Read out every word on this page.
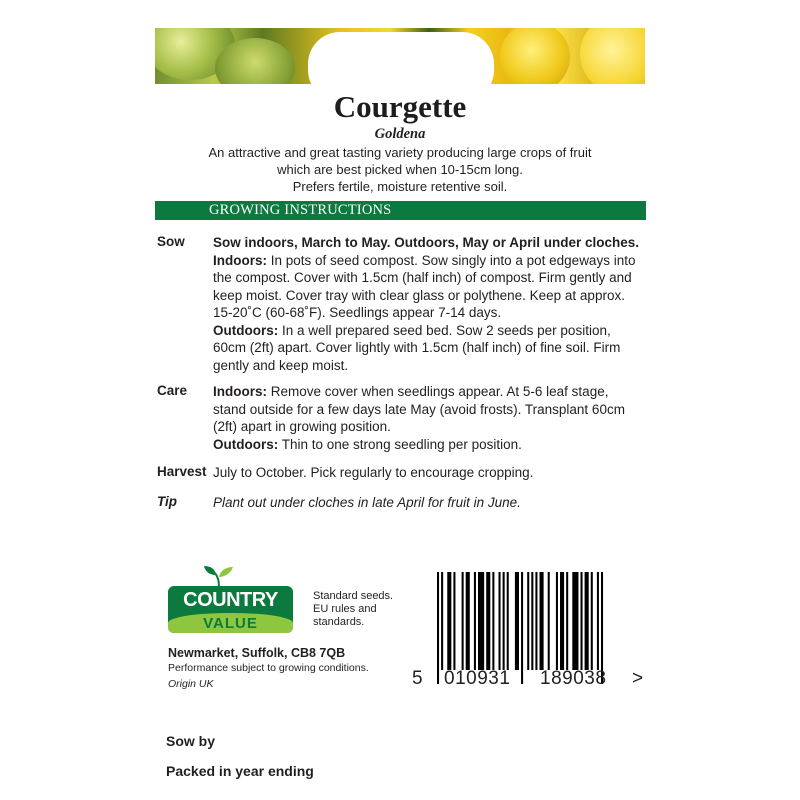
Courgette
Goldena
An attractive and great tasting variety producing large crops of fruit
which are best picked when 10-15cm long.
Prefers fertile, moisture retentive soil.
GROWING INSTRUCTIONS
Sow Sow indoors, March to May. Outdoors, May or April under cloches.

Indoors: In pots of seed compost. Sow singly into a pot edgeways into the compost. Cover with 1.5cm (half inch) of compost. Firm gently and keep moist. Cover tray with clear glass or polythene. Keep at approx. 15-20˚C (60-68˚F). Seedlings appear 7-14 days.

Outdoors: In a well prepared seed bed. Sow 2 seeds per position, 60cm (2ft) apart. Cover lightly with 1.5cm (half inch) of fine soil. Firm gently and keep moist.

Care Indoors: Remove cover when seedlings appear. At 5-6 leaf stage, stand outside for a few days late May (avoid frosts). Transplant 60cm (2ft) apart in growing position.

Outdoors: Thin to one strong seedling per position.

Harvest July to October. Pick regularly to encourage cropping.
Tip	Plant out under cloches in late April for fruit in June.
COUNTRY
VALUE
Standard seeds.
EU rules and
standards.
Newmarket, Suffolk, CB8 7QB
Performance subject to growing conditions.
Origin UK	5 010931 189038 >
Sow by
Packed in year ending
